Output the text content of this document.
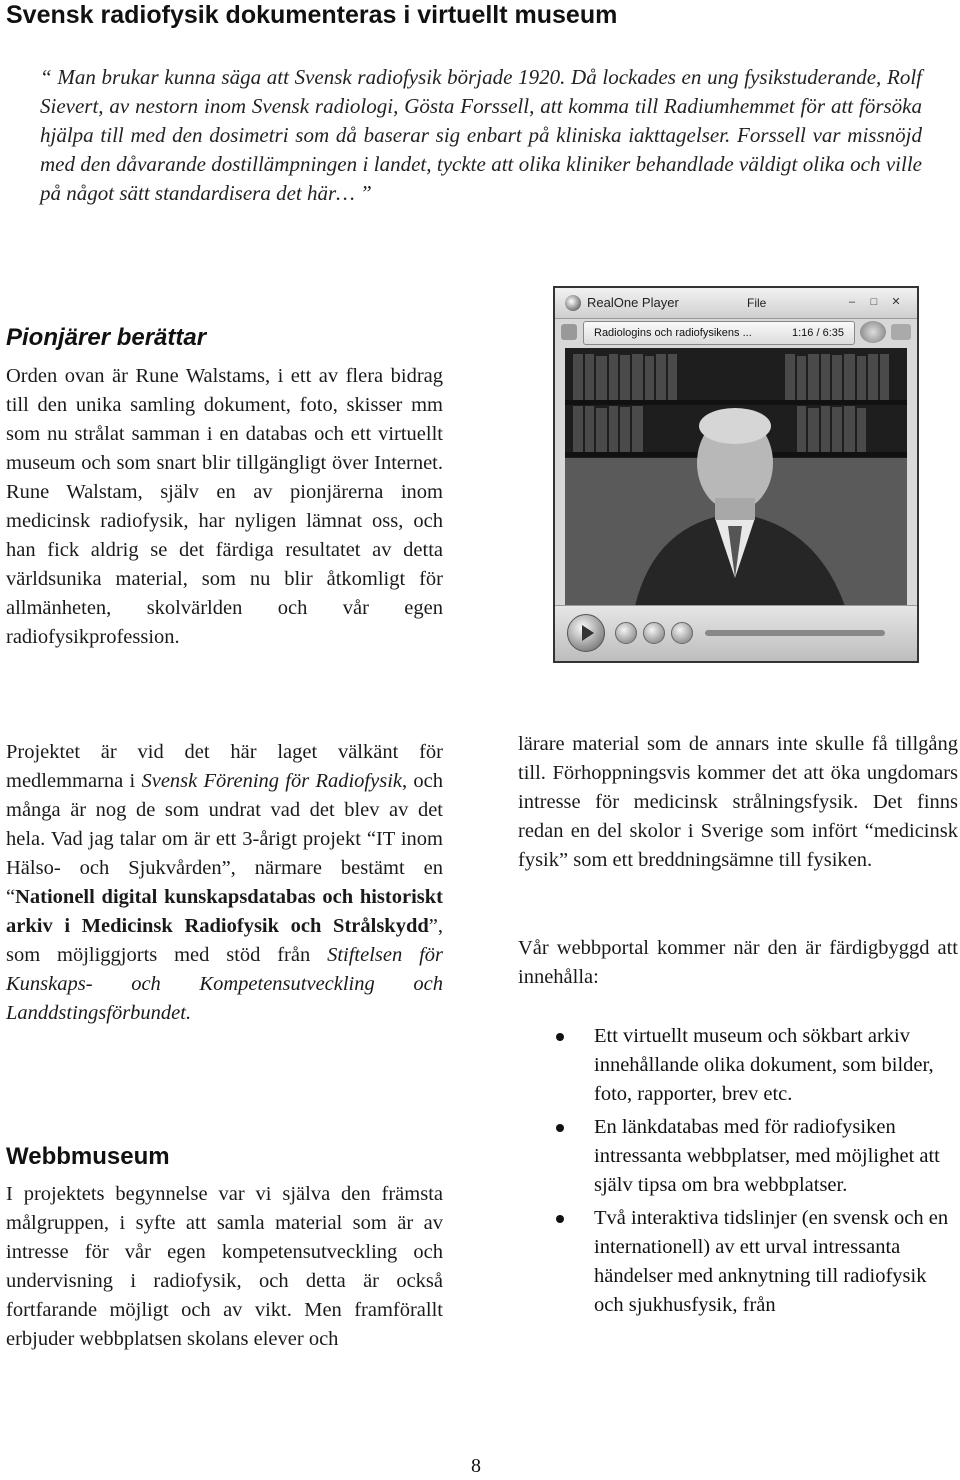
Svensk radiofysik dokumenteras i virtuellt museum

“ Man brukar kunna säga att Svensk radiofysik började 1920. Då lockades en ung fysikstuderande, Rolf Sievert, av nestorn inom Svensk radiologi, Gösta Forssell, att komma till Radiumhemmet för att försöka hjälpa till med den dosimetri som då baserar sig enbart på kliniska iakttagelser. Forssell var missnöjd med den dåvarande dostillämpningen i landet, tyckte att olika kliniker behandlade väldigt olika och ville på något sätt standardisera det här… ”

Pionjärer berättar

Orden ovan är Rune Walstams, i ett av flera bidrag till den unika samling dokument, foto, skisser mm som nu strålat samman i en databas och ett virtuellt museum och som snart blir tillgängligt över Internet. Rune Walstam, själv en av pionjärerna inom medicinsk radiofysik, har nyligen lämnat oss, och han fick aldrig se det färdiga resultatet av detta världsunika material, som nu blir åtkomligt för allmänheten, skolvärlden och vår egen radiofysikprofession.

Projektet är vid det här laget välkänt för medlemmarna i Svensk Förening för Radiofysik, och många är nog de som undrat vad det blev av det hela. Vad jag talar om är ett 3-årigt projekt “IT inom Hälso- och Sjukvården”, närmare bestämt en “Nationell digital kunskapsdatabas och historiskt arkiv i Medicinsk Radiofysik och Strålskydd”, som möjliggjorts med stöd från Stiftelsen för Kunskaps- och Kompetensutveckling och Landdstingsförbundet.

Webbmuseum

I projektets begynnelse var vi själva den främsta målgruppen, i syfte att samla material som är av intresse för vår egen kompetensutveckling och undervisning i radiofysik, och detta är också fortfarande möjligt och av vikt. Men framförallt erbjuder webbplatsen skolans elever och

RealOne Player	File	–	□	✕
Radiologins och radiofysikens ...	1:16 / 6:35

lärare material som de annars inte skulle få tillgång till. Förhoppningsvis kommer det att öka ungdomars intresse för medicinsk strålningsfysik. Det finns redan en del skolor i Sverige som infört “medicinsk fysik” som ett breddningsämne till fysiken.

Vår webbportal kommer när den är färdigbyggd att innehålla:

Ett virtuellt museum och sökbart arkiv innehållande olika dokument, som bilder, foto, rapporter, brev etc.
En länkdatabas med för radiofysiken intressanta webbplatser, med möjlighet att själv tipsa om bra webbplatser.
Två interaktiva tidslinjer (en svensk och en internationell) av ett urval intressanta händelser med anknytning till radiofysik och sjukhusfysik, från
8
